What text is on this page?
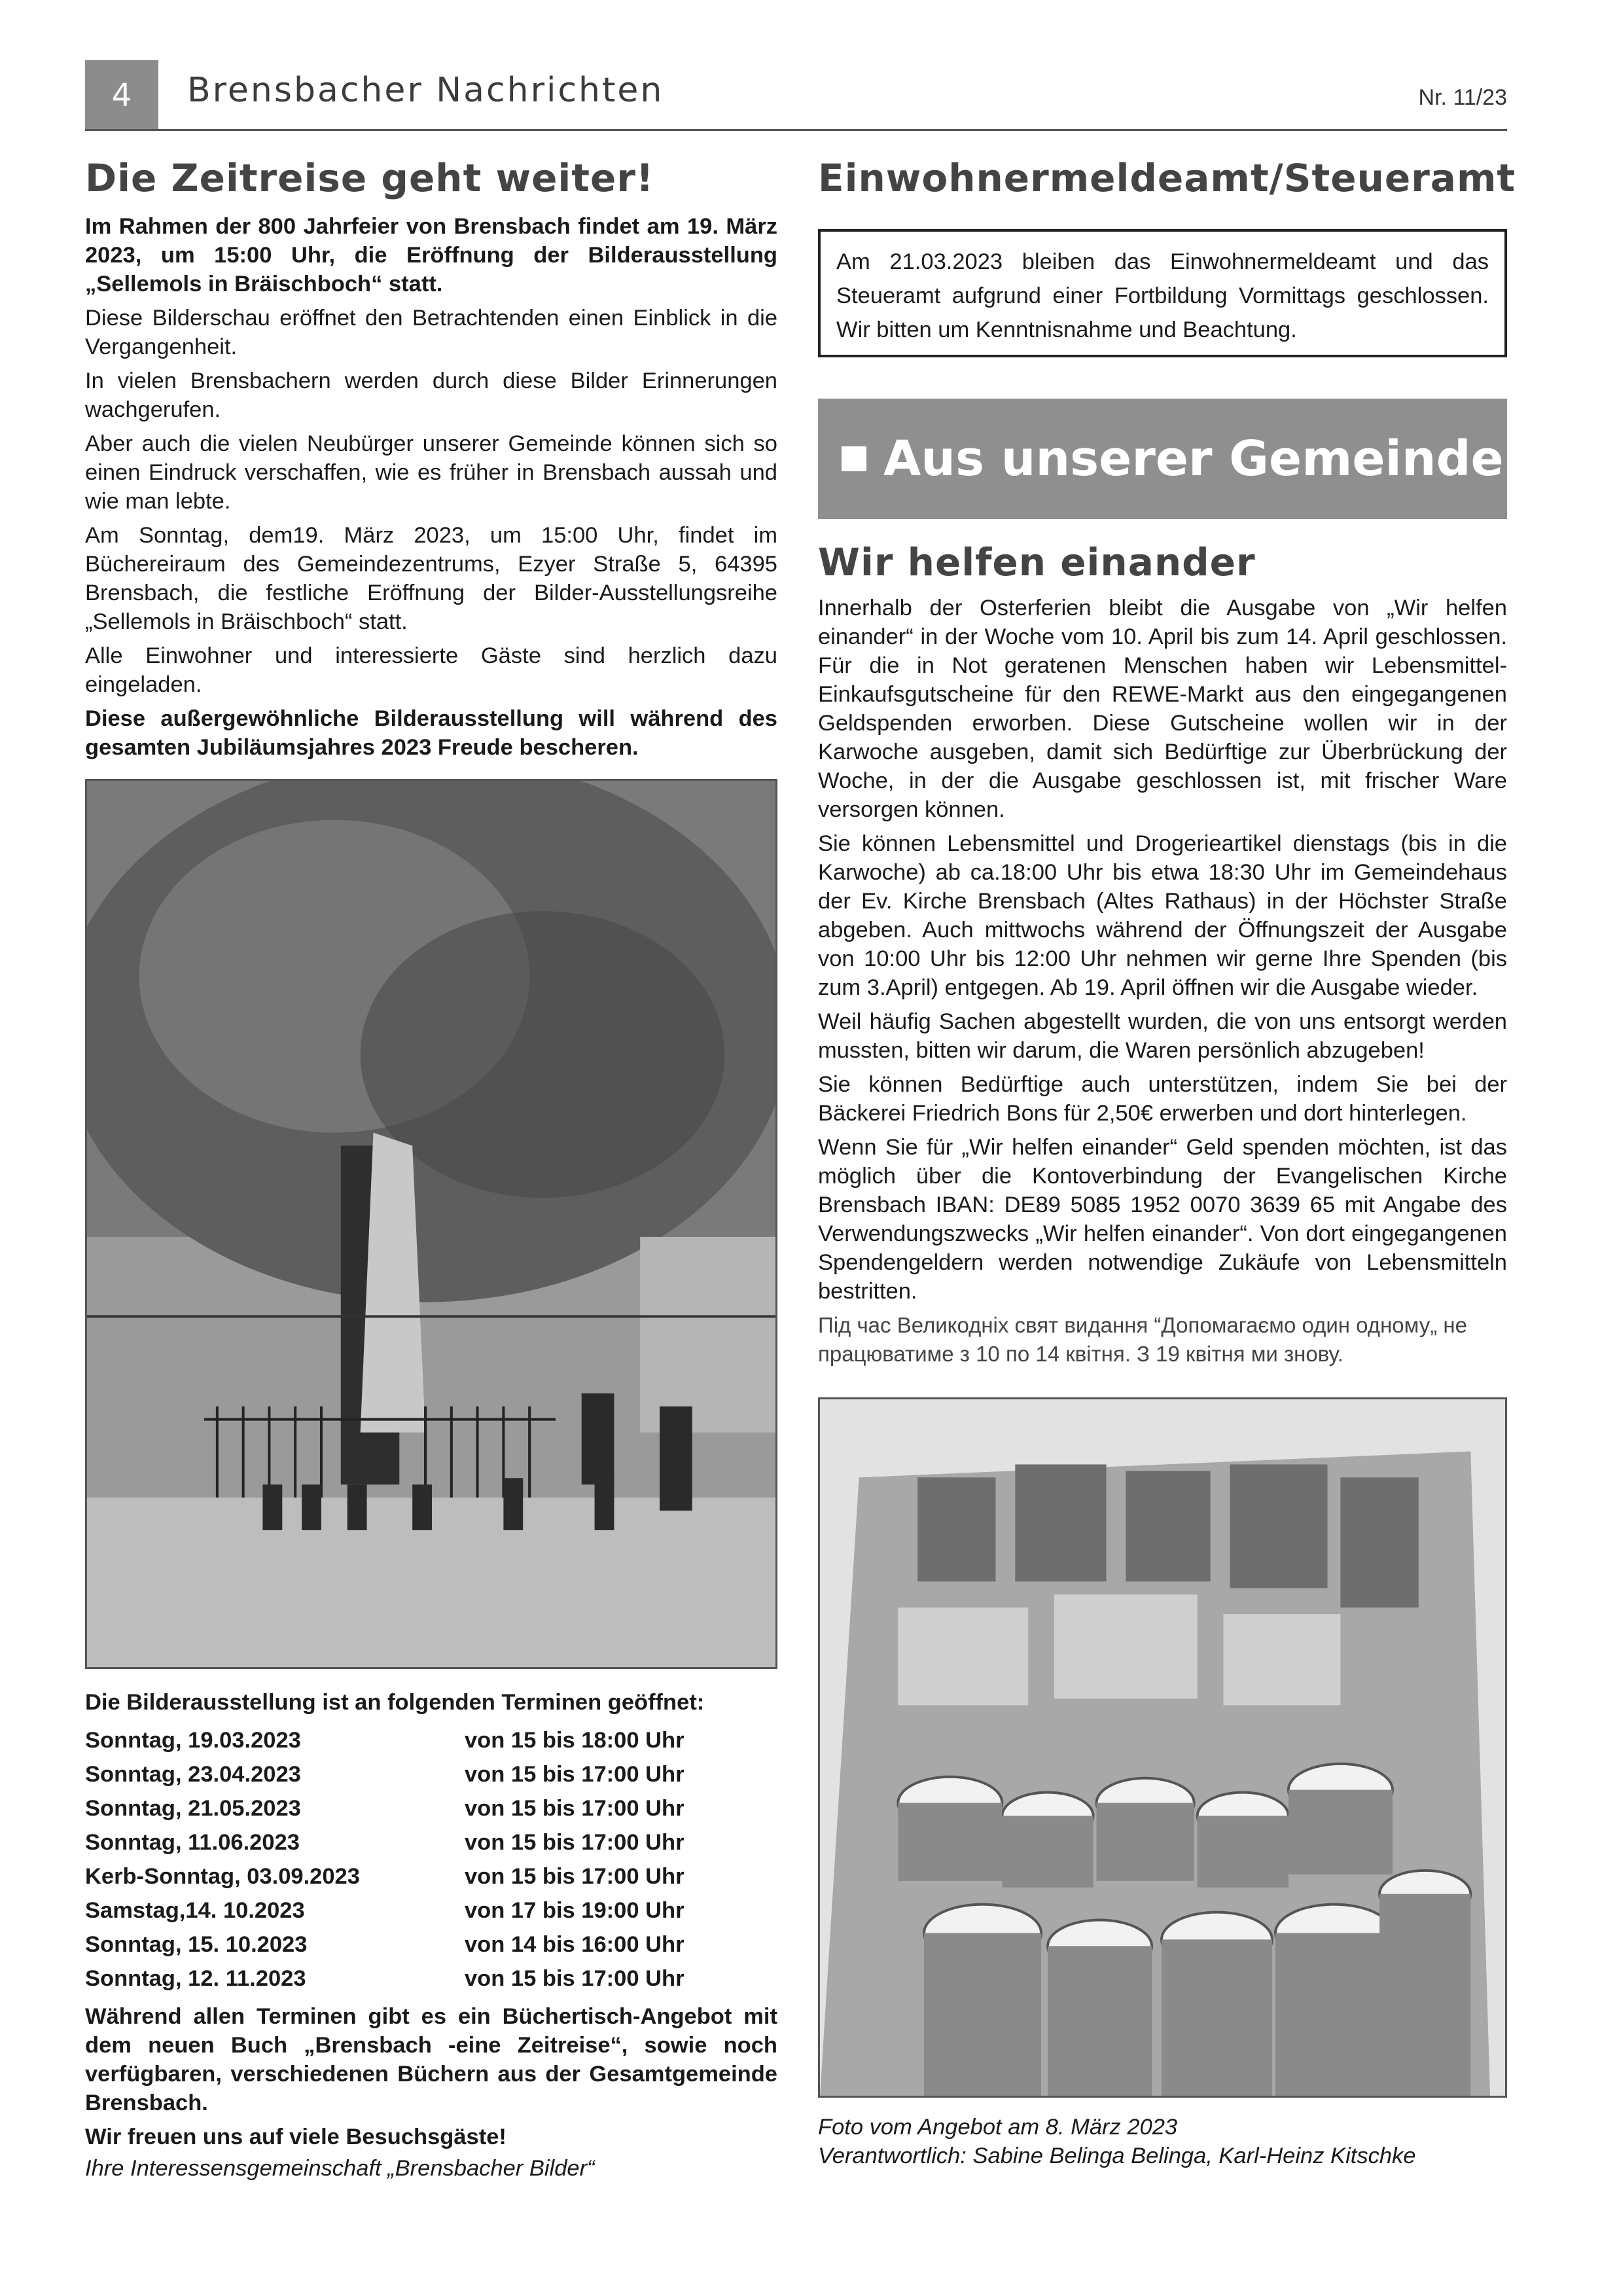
4	Brensbacher Nachrichten	Nr. 11/23
Die Zeitreise geht weiter!

Im Rahmen der 800 Jahrfeier von Brensbach findet am 19. März 2023, um 15:00 Uhr, die Eröffnung der Bilderausstellung „Sellemols in Bräischboch“ statt.

Diese Bilderschau eröffnet den Betrachtenden einen Einblick in die Vergangenheit.

In vielen Brensbachern werden durch diese Bilder Erinnerungen wachgerufen.

Aber auch die vielen Neubürger unserer Gemeinde können sich so einen Eindruck verschaffen, wie es früher in Brensbach aussah und wie man lebte.

Am Sonntag, dem19. März 2023, um 15:00 Uhr, findet im Büchereiraum des Gemeindezentrums, Ezyer Straße 5, 64395 Brensbach, die festliche Eröffnung der Bilder-Ausstellungsreihe „Sellemols in Bräischboch“ statt.

Alle Einwohner und interessierte Gäste sind herzlich dazu eingeladen.

Diese außergewöhnliche Bilderausstellung will während des gesamten Jubiläumsjahres 2023 Freude bescheren.

Die Bilderausstellung ist an folgenden Terminen geöffnet:
Sonntag, 19.03.2023	von 15 bis 18:00 Uhr
Sonntag, 23.04.2023	von 15 bis 17:00 Uhr
Sonntag, 21.05.2023	von 15 bis 17:00 Uhr
Sonntag, 11.06.2023	von 15 bis 17:00 Uhr
Kerb-Sonntag, 03.09.2023	von 15 bis 17:00 Uhr
Samstag,14. 10.2023	von 17 bis 19:00 Uhr
Sonntag, 15. 10.2023	von 14 bis 16:00 Uhr
Sonntag, 12. 11.2023	von 15 bis 17:00 Uhr

Während allen Terminen gibt es ein Büchertisch-Angebot mit dem neuen Buch „Brensbach -eine Zeitreise“, sowie noch verfügbaren, verschiedenen Büchern aus der Gesamtgemeinde Brensbach.

Wir freuen uns auf viele Besuchsgäste!

Ihre Interessensgemeinschaft „Brensbacher Bilder“

Einwohnermeldeamt/Steueramt

Am 21.03.2023 bleiben das Einwohnermeldeamt und das Steueramt aufgrund einer Fortbildung Vormittags geschlossen. Wir bitten um Kenntnisnahme und Beachtung.

Aus unserer Gemeinde
Wir helfen einander

Innerhalb der Osterferien bleibt die Ausgabe von „Wir helfen einander“ in der Woche vom 10. April bis zum 14. April geschlossen. Für die in Not geratenen Menschen haben wir Lebensmittel-Einkaufsgutscheine für den REWE-Markt aus den eingegangenen Geldspenden erworben. Diese Gutscheine wollen wir in der Karwoche ausgeben, damit sich Bedürftige zur Überbrückung der Woche, in der die Ausgabe geschlossen ist, mit frischer Ware versorgen können.

Sie können Lebensmittel und Drogerieartikel dienstags (bis in die Karwoche) ab ca.18:00 Uhr bis etwa 18:30 Uhr im Gemeindehaus der Ev. Kirche Brensbach (Altes Rathaus) in der Höchster Straße abgeben. Auch mittwochs während der Öffnungszeit der Ausgabe von 10:00 Uhr bis 12:00 Uhr nehmen wir gerne Ihre Spenden (bis zum 3.April) entgegen. Ab 19. April öffnen wir die Ausgabe wieder.

Weil häufig Sachen abgestellt wurden, die von uns entsorgt werden mussten, bitten wir darum, die Waren persönlich abzugeben!

Sie können Bedürftige auch unterstützen, indem Sie bei der Bäckerei Friedrich Bons für 2,50€ erwerben und dort hinterlegen.

Wenn Sie für „Wir helfen einander“ Geld spenden möchten, ist das möglich über die Kontoverbindung der Evangelischen Kirche Brensbach IBAN: DE89 5085 1952 0070 3639 65 mit Angabe des Verwendungszwecks „Wir helfen einander“. Von dort eingegangenen Spendengeldern werden notwendige Zukäufe von Lebensmitteln bestritten.

Під час Великодніх свят видання “Допомагаємо один одному„ не працюватиме з 10 по 14 квітня. З 19 квітня ми знову.

Foto vom Angebot am 8. März 2023

Verantwortlich: Sabine Belinga Belinga, Karl-Heinz Kitschke
